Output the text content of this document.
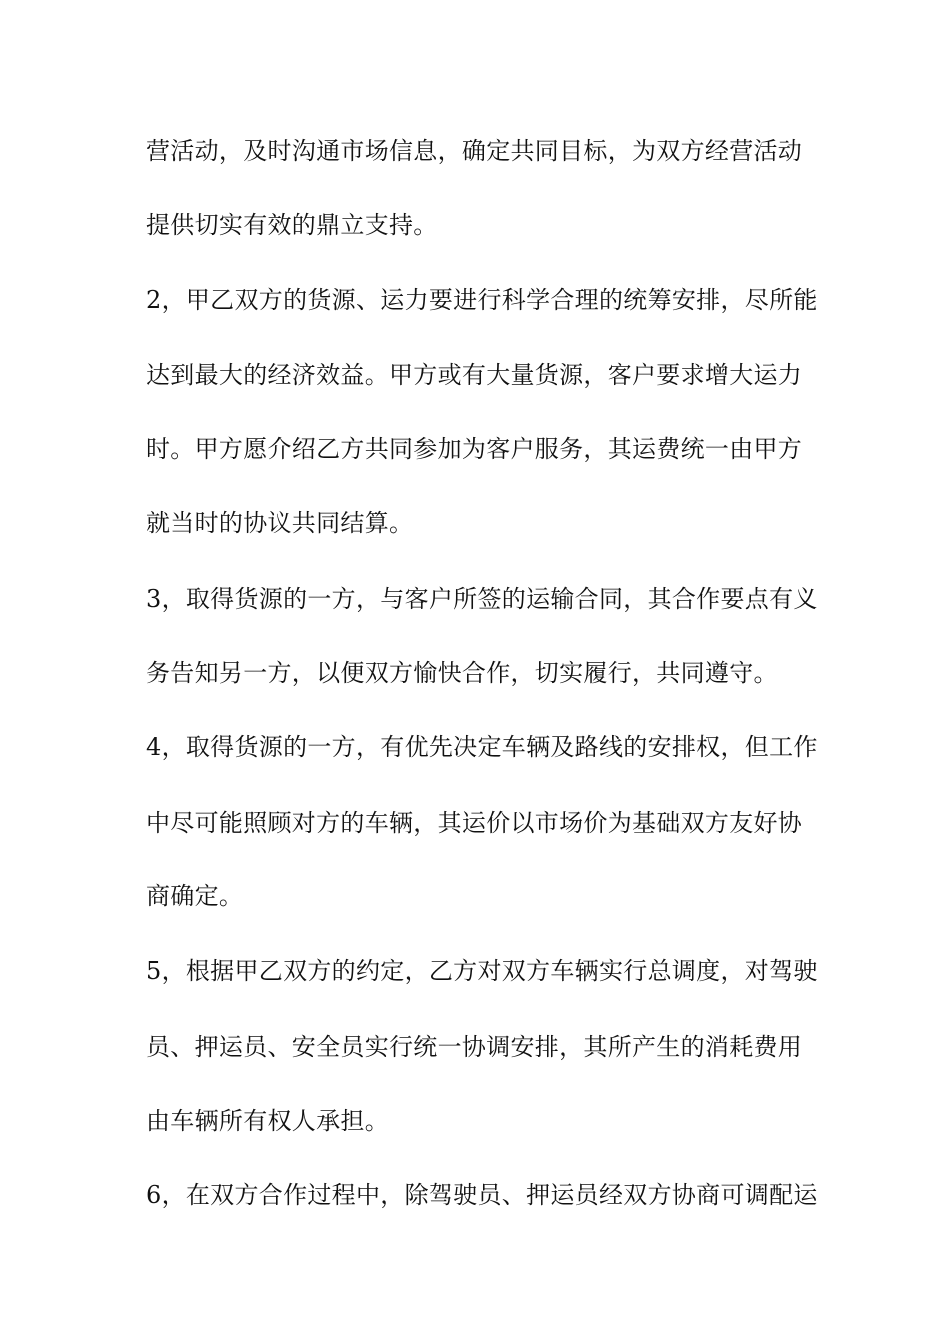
营活动，及时沟通市场信息，确定共同目标，为双方经营活动
提供切实有效的鼎立支持。
2，甲乙双方的货源、运力要进行科学合理的统筹安排，尽所能
达到最大的经济效益。甲方或有大量货源，客户要求增大运力
时。甲方愿介绍乙方共同参加为客户服务，其运费统一由甲方
就当时的协议共同结算。
3，取得货源的一方，与客户所签的运输合同，其合作要点有义
务告知另一方，以便双方愉快合作，切实履行，共同遵守。
4，取得货源的一方，有优先决定车辆及路线的安排权，但工作
中尽可能照顾对方的车辆，其运价以市场价为基础双方友好协
商确定。
5，根据甲乙双方的约定，乙方对双方车辆实行总调度，对驾驶
员、押运员、安全员实行统一协调安排，其所产生的消耗费用
由车辆所有权人承担。
6，在双方合作过程中，除驾驶员、押运员经双方协商可调配运
